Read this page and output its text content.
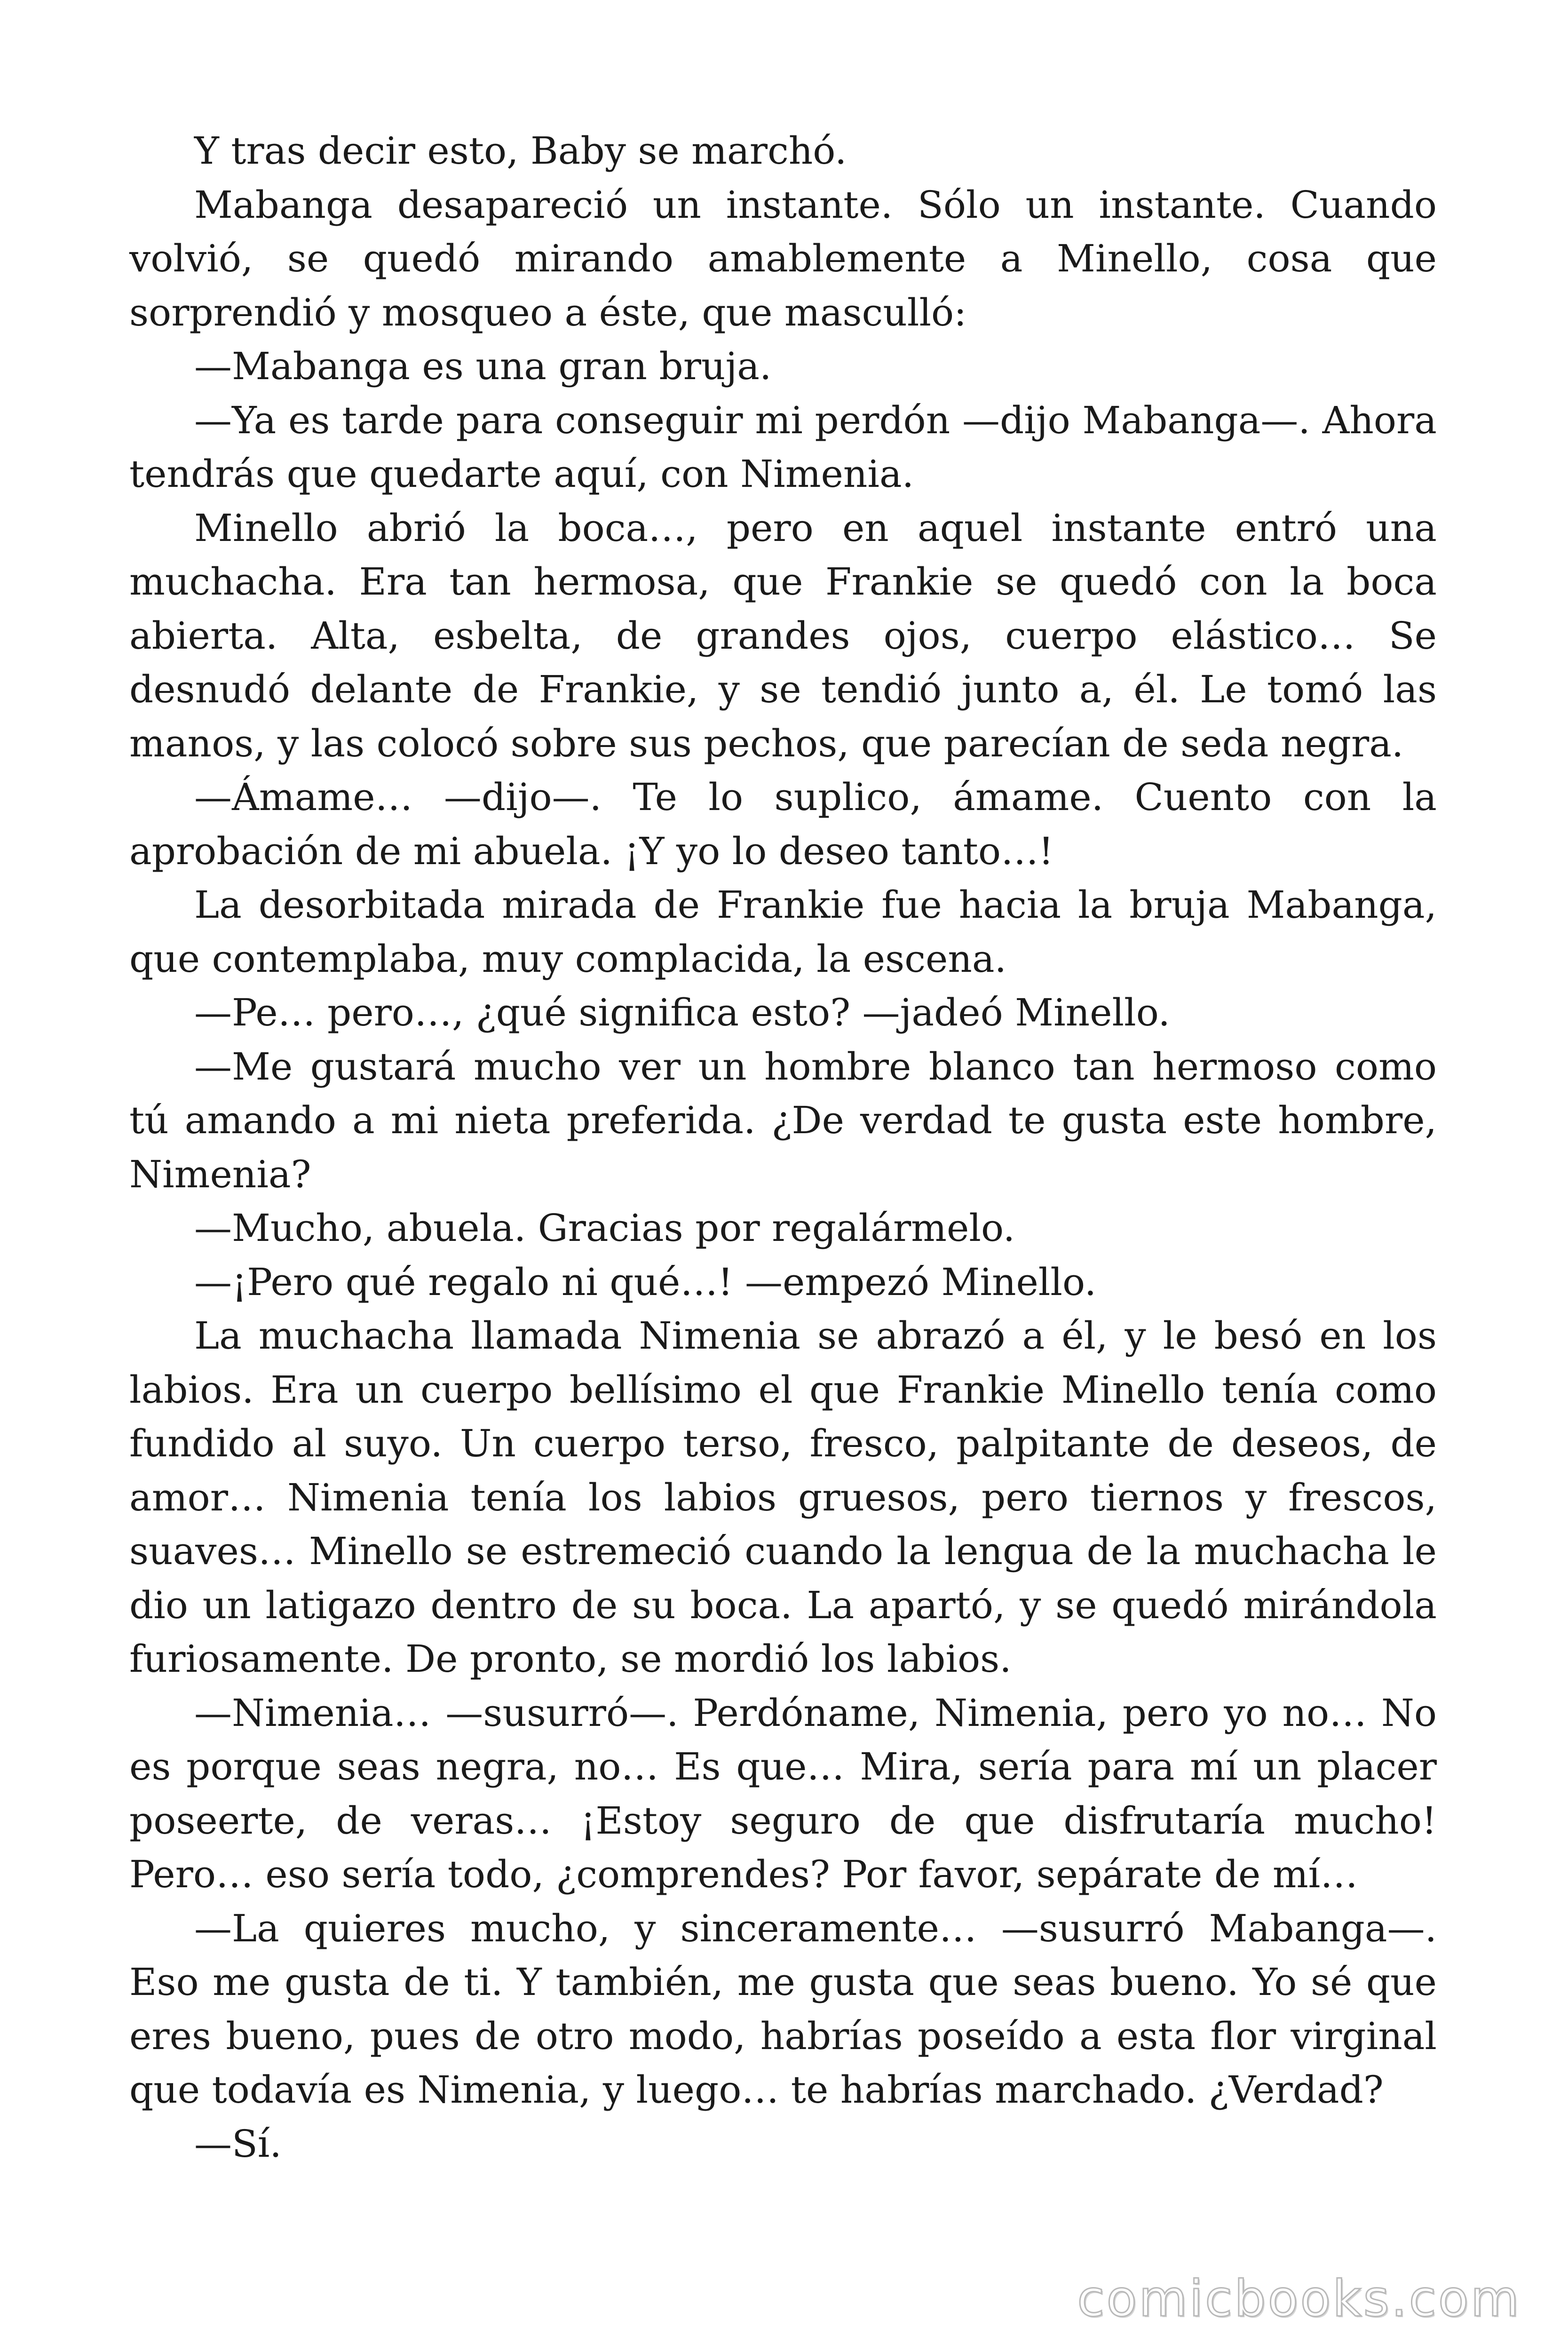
Y tras decir esto, Baby se marchó.

Mabanga desapareció un instante. Sólo un instante. Cuando volvió, se quedó mirando amablemente a Minello, cosa que sorprendió y mosqueo a éste, que masculló:

—Mabanga es una gran bruja.

—Ya es tarde para conseguir mi perdón —dijo Mabanga—. Ahora tendrás que quedarte aquí, con Nimenia.

Minello abrió la boca…, pero en aquel instante entró una muchacha. Era tan hermosa, que Frankie se quedó con la boca abierta. Alta, esbelta, de grandes ojos, cuerpo elástico… Se desnudó delante de Frankie, y se tendió junto a, él. Le tomó las manos, y las colocó sobre sus pechos, que parecían de seda negra.

—Ámame… —dijo—. Te lo suplico, ámame. Cuento con la aprobación de mi abuela. ¡Y yo lo deseo tanto…!

La desorbitada mirada de Frankie fue hacia la bruja Mabanga, que contemplaba, muy complacida, la escena.

—Pe… pero…, ¿qué significa esto? —jadeó Minello.

—Me gustará mucho ver un hombre blanco tan hermoso como tú amando a mi nieta preferida. ¿De verdad te gusta este hombre, Nimenia?

—Mucho, abuela. Gracias por regalármelo.

—¡Pero qué regalo ni qué…! —empezó Minello.

La muchacha llamada Nimenia se abrazó a él, y le besó en los labios. Era un cuerpo bellísimo el que Frankie Minello tenía como fundido al suyo. Un cuerpo terso, fresco, palpitante de deseos, de amor… Nimenia tenía los labios gruesos, pero tiernos y frescos, suaves… Minello se estremeció cuando la lengua de la muchacha le dio un latigazo dentro de su boca. La apartó, y se quedó mirándola furiosamente. De pronto, se mordió los labios.

—Nimenia… —susurró—. Perdóname, Nimenia, pero yo no… No es porque seas negra, no… Es que… Mira, sería para mí un placer poseerte, de veras… ¡Estoy seguro de que disfrutaría mucho! Pero… eso sería todo, ¿comprendes? Por favor, sepárate de mí…

—La quieres mucho, y sinceramente… —susurró Mabanga—. Eso me gusta de ti. Y también, me gusta que seas bueno. Yo sé que eres bueno, pues de otro modo, habrías poseído a esta flor virginal que todavía es Nimenia, y luego… te habrías marchado. ¿Verdad?

—Sí.

comicbooks.com
